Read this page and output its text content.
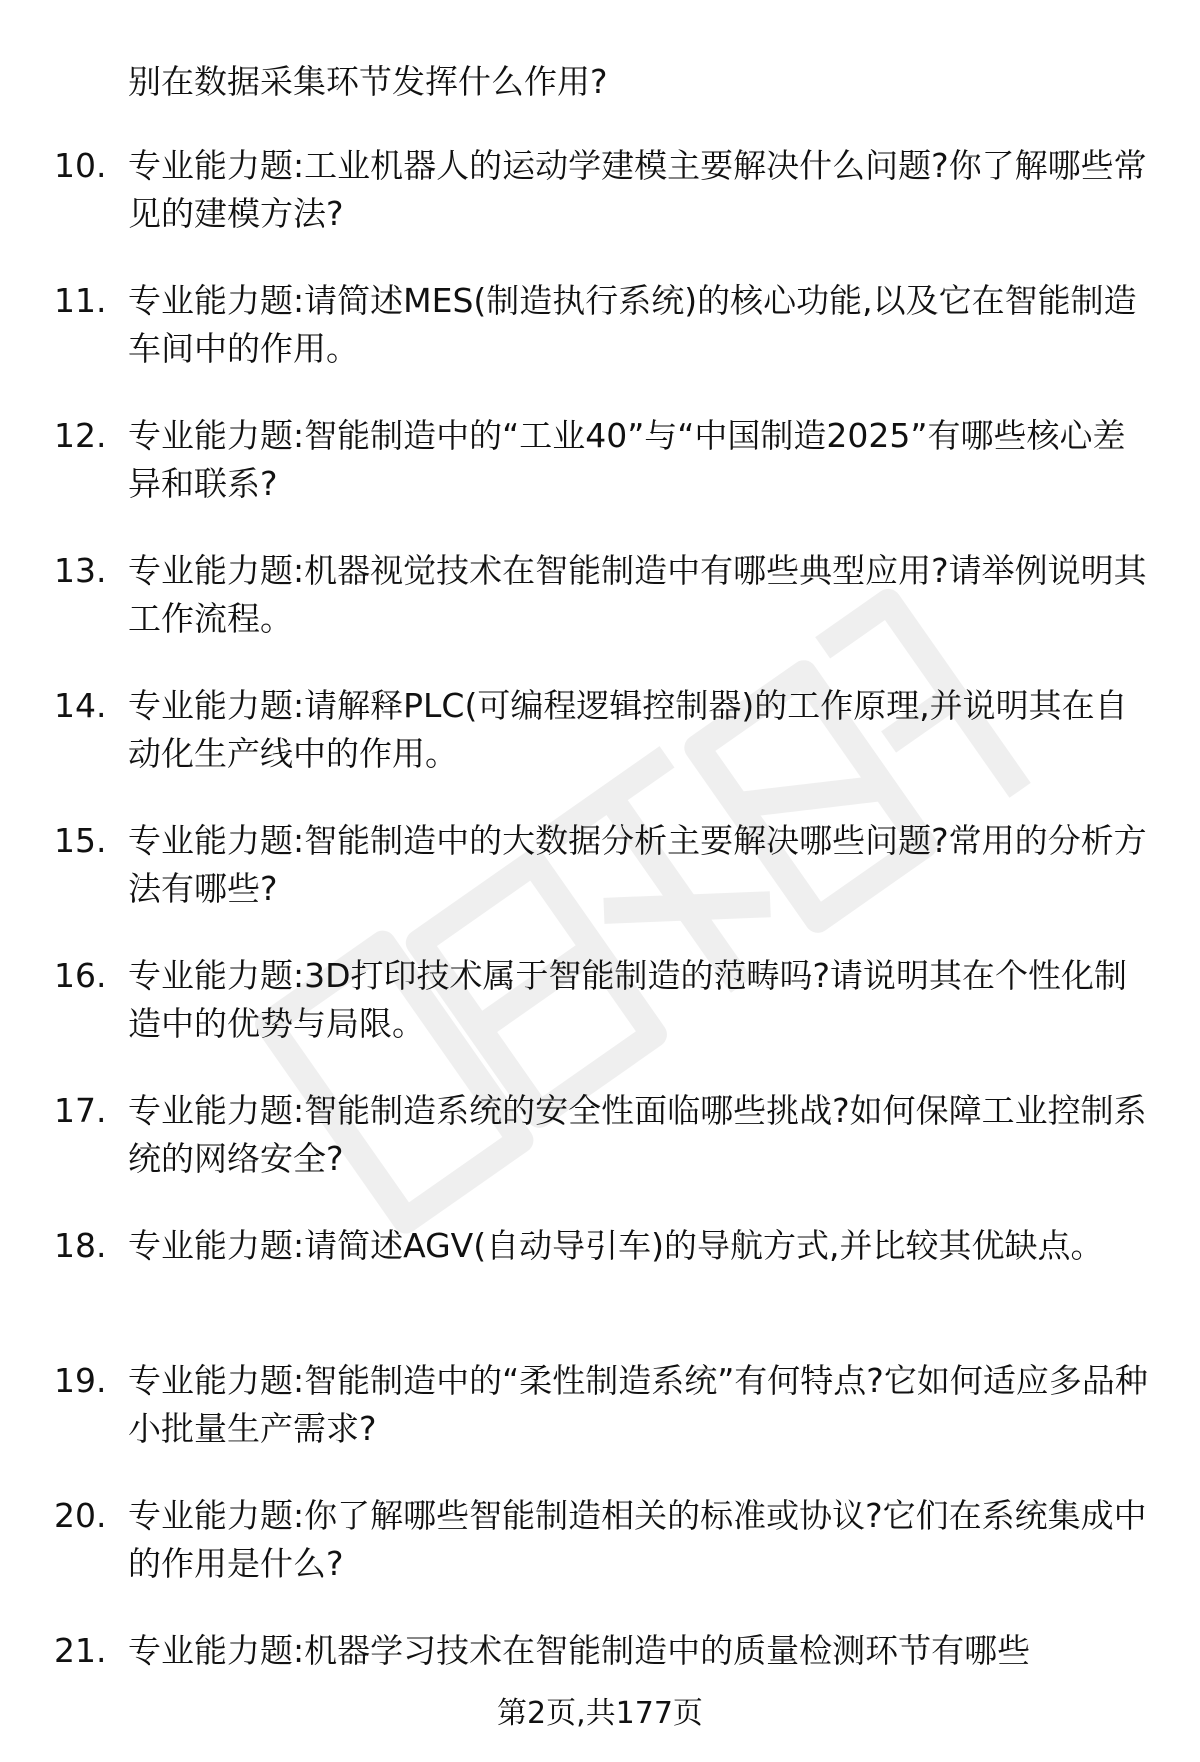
别在数据采集环节发挥什么作用?
10. 专业能力题:工业机器人的运动学建模主要解决什么问题?你了解哪些常见的建模方法?
11. 专业能力题:请简述MES(制造执行系统)的核心功能,以及它在智能制造车间中的作用。
12. 专业能力题:智能制造中的“工业40”与“中国制造2025”有哪些核心差异和联系?
13. 专业能力题:机器视觉技术在智能制造中有哪些典型应用?请举例说明其工作流程。
14. 专业能力题:请解释PLC(可编程逻辑控制器)的工作原理,并说明其在自动化生产线中的作用。
15. 专业能力题:智能制造中的大数据分析主要解决哪些问题?常用的分析方法有哪些?
16. 专业能力题:3D打印技术属于智能制造的范畴吗?请说明其在个性化制造中的优势与局限。
17. 专业能力题:智能制造系统的安全性面临哪些挑战?如何保障工业控制系统的网络安全?
18. 专业能力题:请简述AGV(自动导引车)的导航方式,并比较其优缺点。
19. 专业能力题:智能制造中的“柔性制造系统”有何特点?它如何适应多品种小批量生产需求?
20. 专业能力题:你了解哪些智能制造相关的标准或协议?它们在系统集成中的作用是什么?
21. 专业能力题:机器学习技术在智能制造中的质量检测环节有哪些
第2页,共177页
